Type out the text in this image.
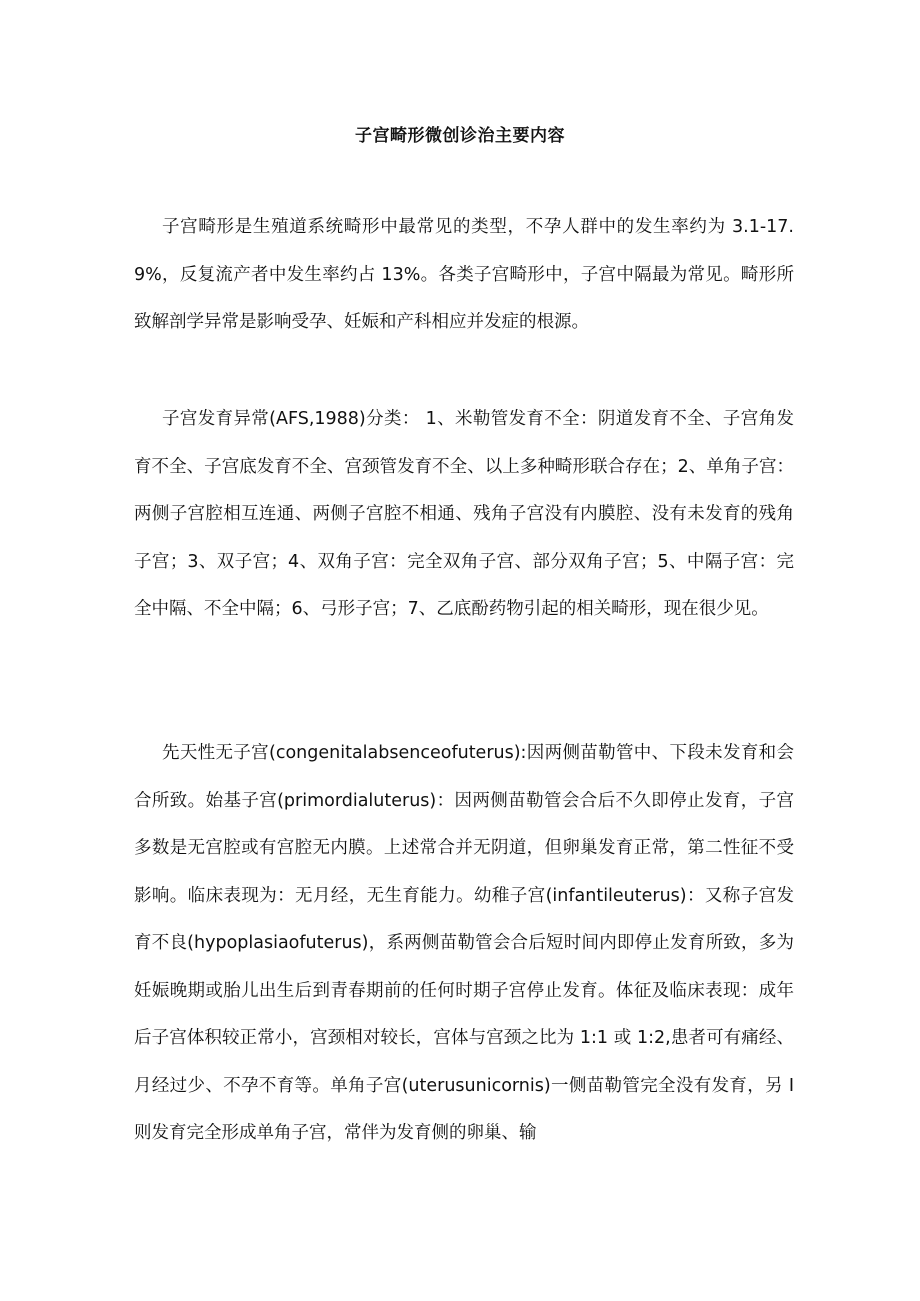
子宫畸形微创诊治主要内容

子宫畸形是生殖道系统畸形中最常见的类型，不孕人群中的发生率约为 3.1-17.9%，反复流产者中发生率约占 13%。各类子宫畸形中，子宫中隔最为常见。畸形所致解剖学异常是影响受孕、妊娠和产科相应并发症的根源。

子宫发育异常(AFS,1988)分类： 1、米勒管发育不全：阴道发育不全、子宫角发育不全、子宫底发育不全、宫颈管发育不全、以上多种畸形联合存在；2、单角子宫：两侧子宫腔相互连通、两侧子宫腔不相通、残角子宫没有内膜腔、没有未发育的残角子宫；3、双子宫；4、双角子宫：完全双角子宫、部分双角子宫；5、中隔子宫：完全中隔、不全中隔；6、弓形子宫；7、乙底酚药物引起的相关畸形，现在很少见。

先天性无子宫(congenitalabsenceofuterus):因两侧苗勒管中、下段未发育和会合所致。始基子宫(primordialuterus)：因两侧苗勒管会合后不久即停止发育，子宫多数是无宫腔或有宫腔无内膜。上述常合并无阴道，但卵巢发育正常，第二性征不受影响。临床表现为：无月经，无生育能力。幼稚子宫(infantileuterus)：又称子宫发育不良(hypoplasiaofuterus)，系两侧苗勒管会合后短时间内即停止发育所致，多为妊娠晚期或胎儿出生后到青春期前的任何时期子宫停止发育。体征及临床表现：成年后子宫体积较正常小，宫颈相对较长，宫体与宫颈之比为 1:1 或 1:2,患者可有痛经、月经过少、不孕不育等。单角子宫(uterusunicornis)一侧苗勒管完全没有发育，另 I 则发育完全形成单角子宫，常伴为发育侧的卵巢、输
